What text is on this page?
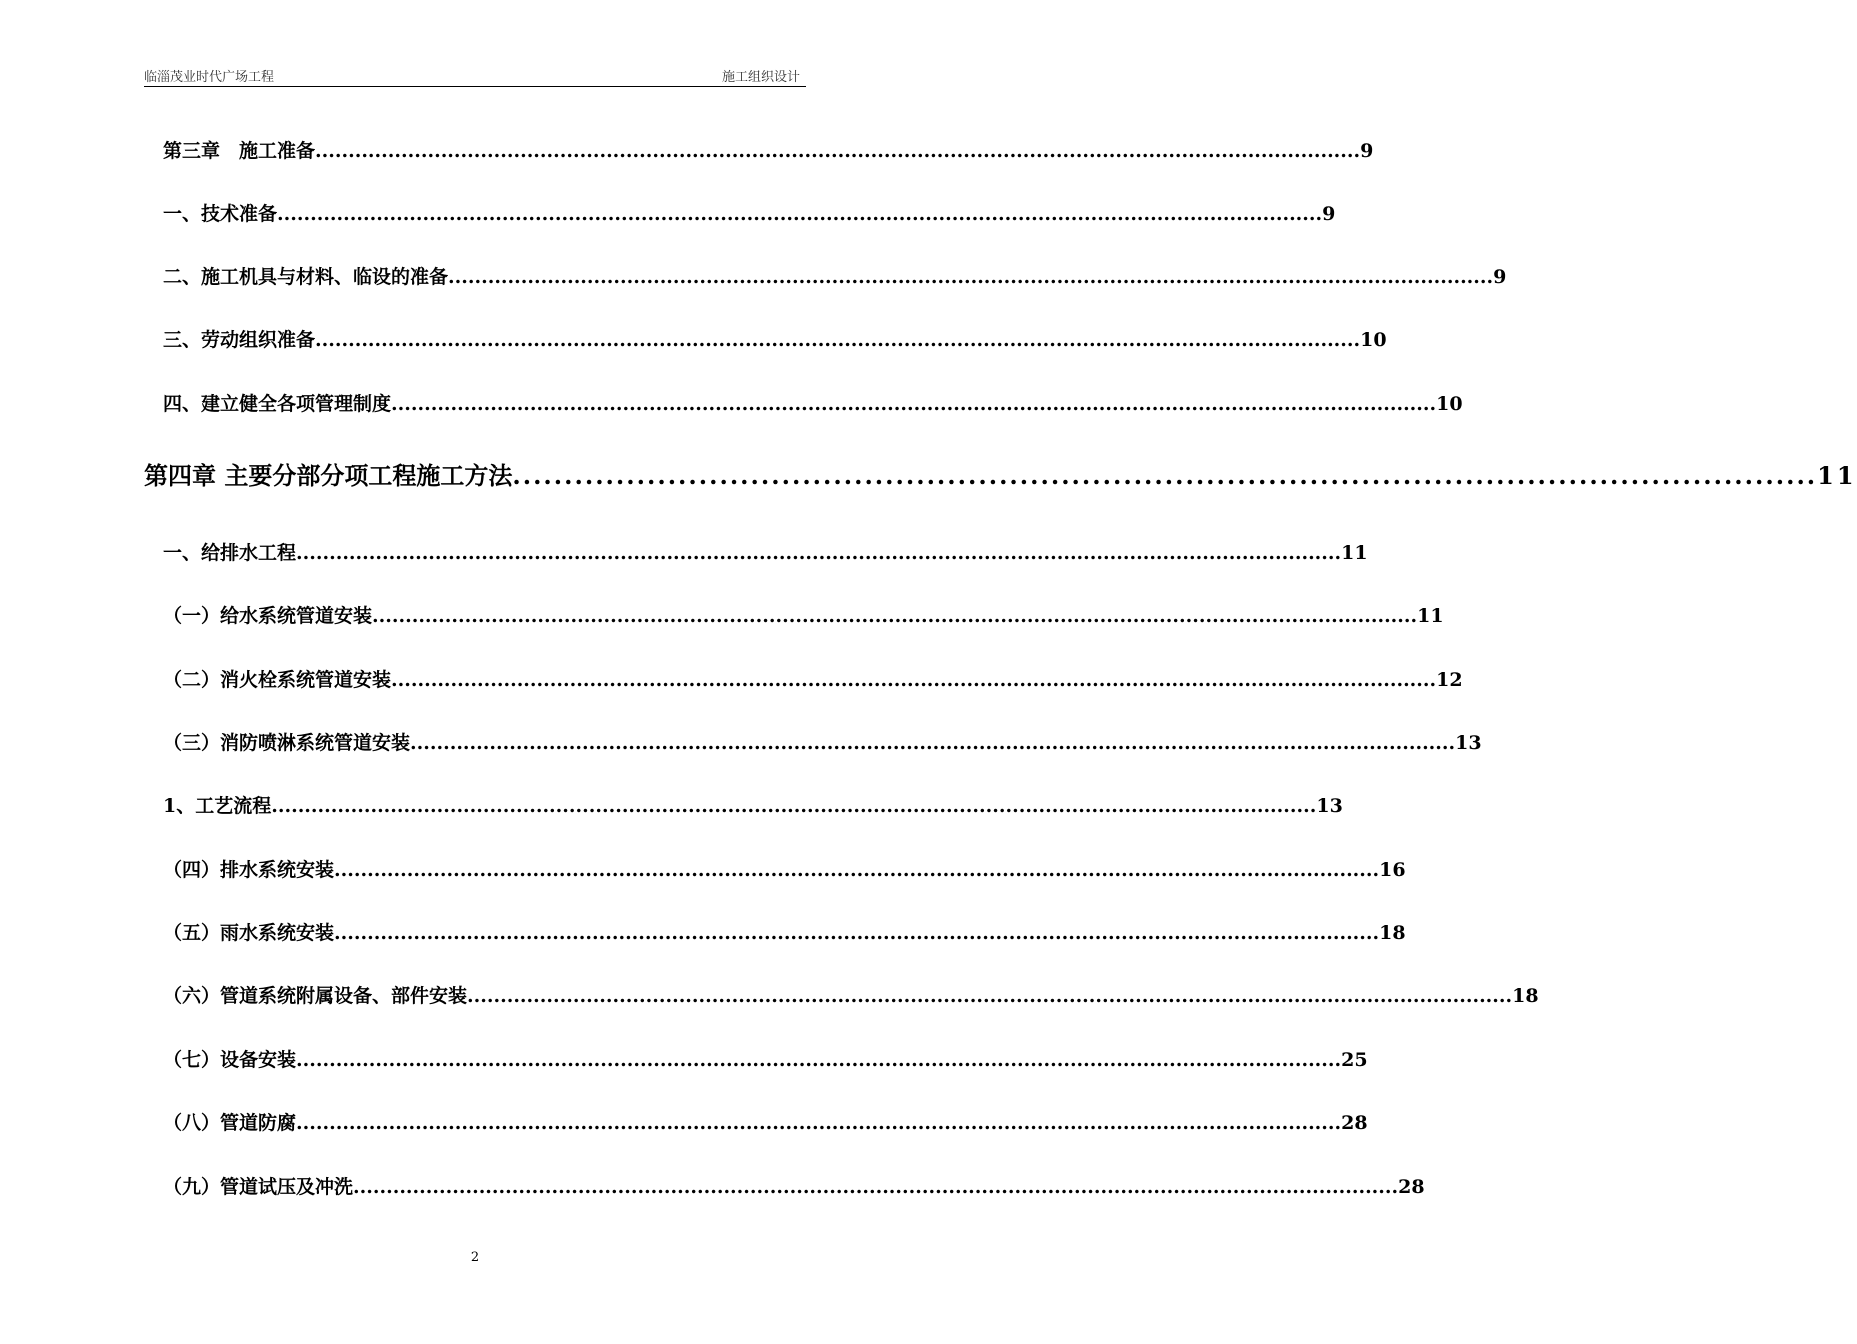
临淄茂业时代广场工程	施工组织设计
第三章　施工准备 .............................................................................................................................................................. 9
一、技术准备 .............................................................................................................................................................. 9
二、施工机具与材料、临设的准备 .............................................................................................................................................................. 9
三、劳动组织准备 .............................................................................................................................................................. 10
四、建立健全各项管理制度 .............................................................................................................................................................. 10
第四章 主要分部分项工程施工方法 .............................................................................................................................. 11
一、给排水工程 .............................................................................................................................................................. 11
（一）给水系统管道安装 .............................................................................................................................................................. 11
（二）消火栓系统管道安装 .............................................................................................................................................................. 12
（三）消防喷淋系统管道安装 .............................................................................................................................................................. 13
1、工艺流程 .............................................................................................................................................................. 13
（四）排水系统安装 .............................................................................................................................................................. 16
（五）雨水系统安装 .............................................................................................................................................................. 18
（六）管道系统附属设备、部件安装 .............................................................................................................................................................. 18
（七）设备安装 .............................................................................................................................................................. 25
（八）管道防腐 .............................................................................................................................................................. 28
（九）管道试压及冲洗 .............................................................................................................................................................. 28
2
